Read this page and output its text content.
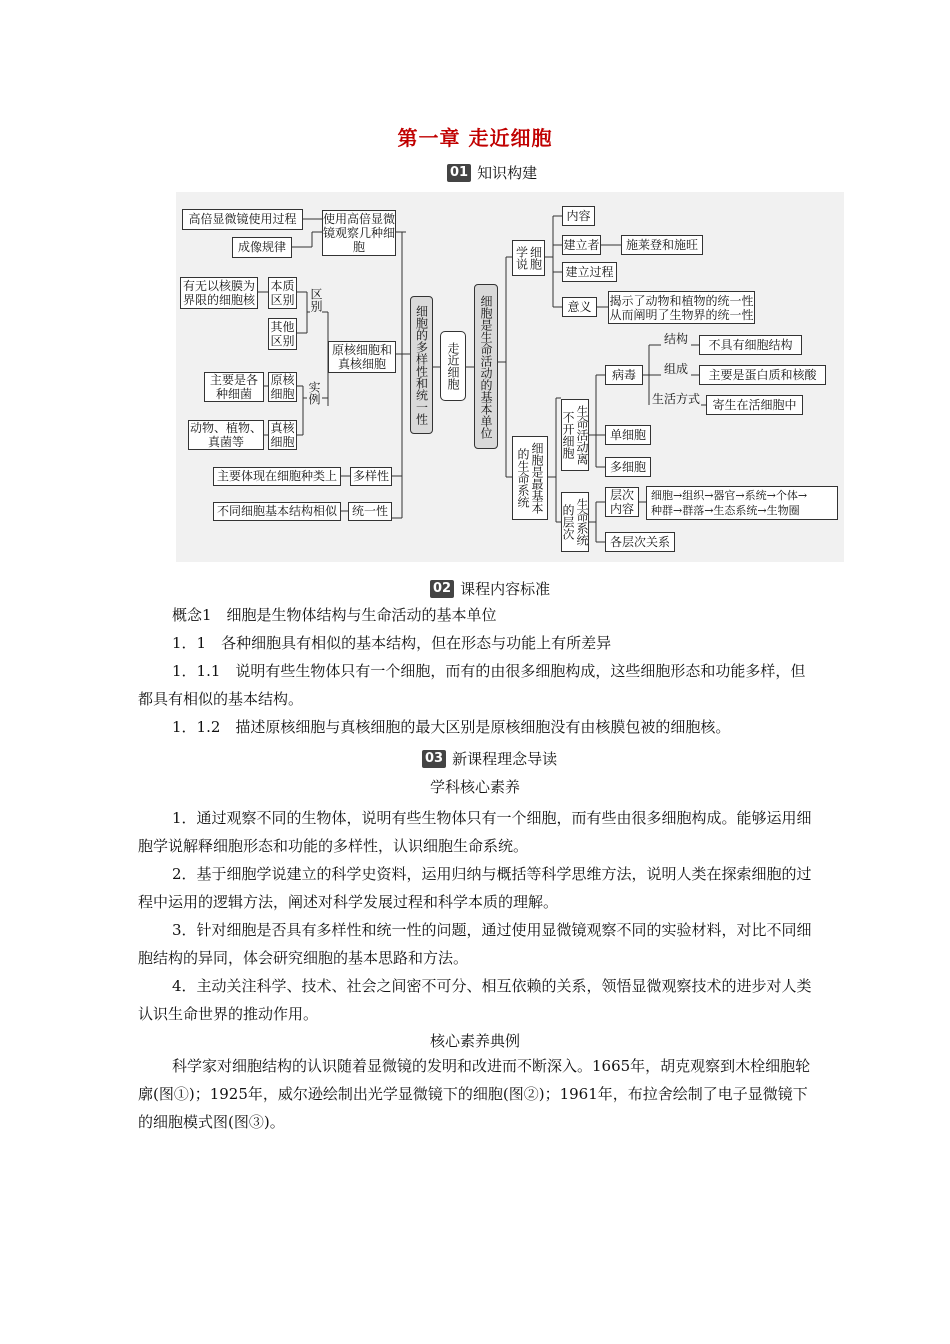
第一章 走近细胞
01 知识构建
高倍显微镜使用过程
成像规律
使用高倍显微镜观察几种细胞
有无以核膜为界限的细胞核
本质区别
其他区别
区别
原核细胞和真核细胞
主要是各种细菌
原核细胞 实例
动物、植物、真菌等
真核细胞
主要体现在细胞种类上	多样性
不同细胞基本结构相似	统一性
细胞的多样性和统一性	走近细胞	细胞是生命活动的基本单位
细胞学说
内容
建立者	施莱登和施旺
建立过程
意义	揭示了动物和植物的统一性
从而阐明了生物界的统一性
细胞是最基本的生命系统
生命活动离不开细胞
病毒
结构	不具有细胞结构
组成	主要是蛋白质和核酸
生活方式	寄生在活细胞中
单细胞
多细胞
生命系统的层次
层次内容
细胞→组织→器官→系统→个体→
种群→群落→生态系统→生物圈
各层次关系
02 课程内容标准

概念1　细胞是生物体结构与生命活动的基本单位

1．1　各种细胞具有相似的基本结构，但在形态与功能上有所差异

1．1.1　说明有些生物体只有一个细胞，而有的由很多细胞构成，这些细胞形态和功能多样，但都具有相似的基本结构。

1．1.2　描述原核细胞与真核细胞的最大区别是原核细胞没有由核膜包被的细胞核。

03 新课程理念导读
学科核心素养

1．通过观察不同的生物体，说明有些生物体只有一个细胞，而有些由很多细胞构成。能够运用细胞学说解释细胞形态和功能的多样性，认识细胞生命系统。

2．基于细胞学说建立的科学史资料，运用归纳与概括等科学思维方法，说明人类在探索细胞的过程中运用的逻辑方法，阐述对科学发展过程和科学本质的理解。

3．针对细胞是否具有多样性和统一性的问题，通过使用显微镜观察不同的实验材料，对比不同细胞结构的异同，体会研究细胞的基本思路和方法。

4．主动关注科学、技术、社会之间密不可分、相互依赖的关系，领悟显微观察技术的进步对人类认识生命世界的推动作用。

核心素养典例

科学家对细胞结构的认识随着显微镜的发明和改进而不断深入。1665年，胡克观察到木栓细胞轮廓(图①)；1925年，威尔逊绘制出光学显微镜下的细胞(图②)；1961年，布拉舍绘制了电子显微镜下的细胞模式图(图③)。
